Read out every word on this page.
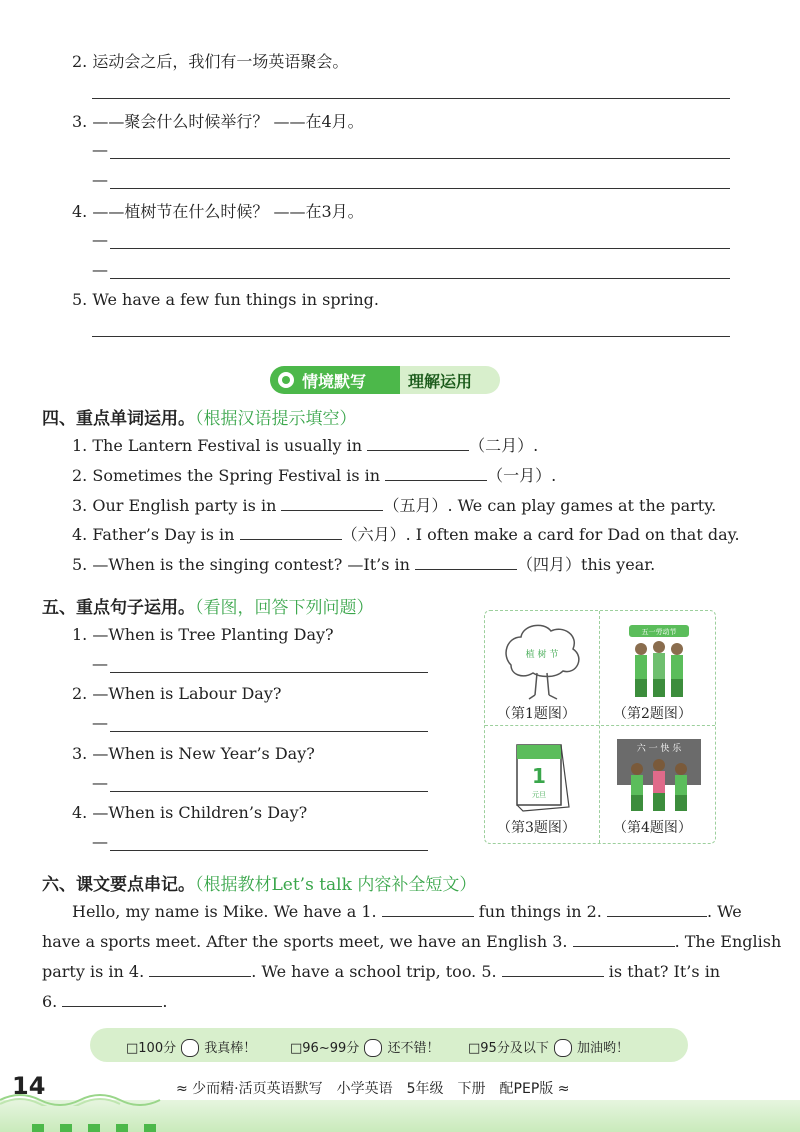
2. 运动会之后，我们有一场英语聚会。
3. ——聚会什么时候举行？ ——在4月。
—
—
4. ——植树节在什么时候？ ——在3月。
—
—
5. We have a few fun things in spring.
情境默写	理解运用
四、重点单词运用。（根据汉语提示填空）
1. The Lantern Festival is usually in	（二月）.
2. Sometimes the Spring Festival is in	（一月）.
3. Our English party is in	（五月）. We can play games at the party.
4. Father’s Day is in	（六月）. I often make a card for Dad on that day.
5. —When is the singing contest? —It’s in	（四月）this year.
五、重点句子运用。（看图，回答下列问题）
1. —When is Tree Planting Day?
—
2. —When is Labour Day?
—
3. —When is New Year’s Day?
—
4. —When is Children’s Day?
—
植 树 节
（第1题图）
五一劳动节
（第2题图）
1
元旦
（第3题图）
六 一 快 乐
（第4题图）
六、课文要点串记。（根据教材Let’s talk 内容补全短文）
Hello, my name is Mike. We have a 1.	fun things in 2.	. We
have a sports meet. After the sports meet, we have an English 3.	. The English
party is in 4.	. We have a school trip, too. 5.	is that? It’s in
6.	.
□100分 我真棒！	□96~99分 还不错！ □95分及以下 加油哟！
14	≈ 少而精·活页英语默写　小学英语　5年级　下册　配PEP版 ≈
